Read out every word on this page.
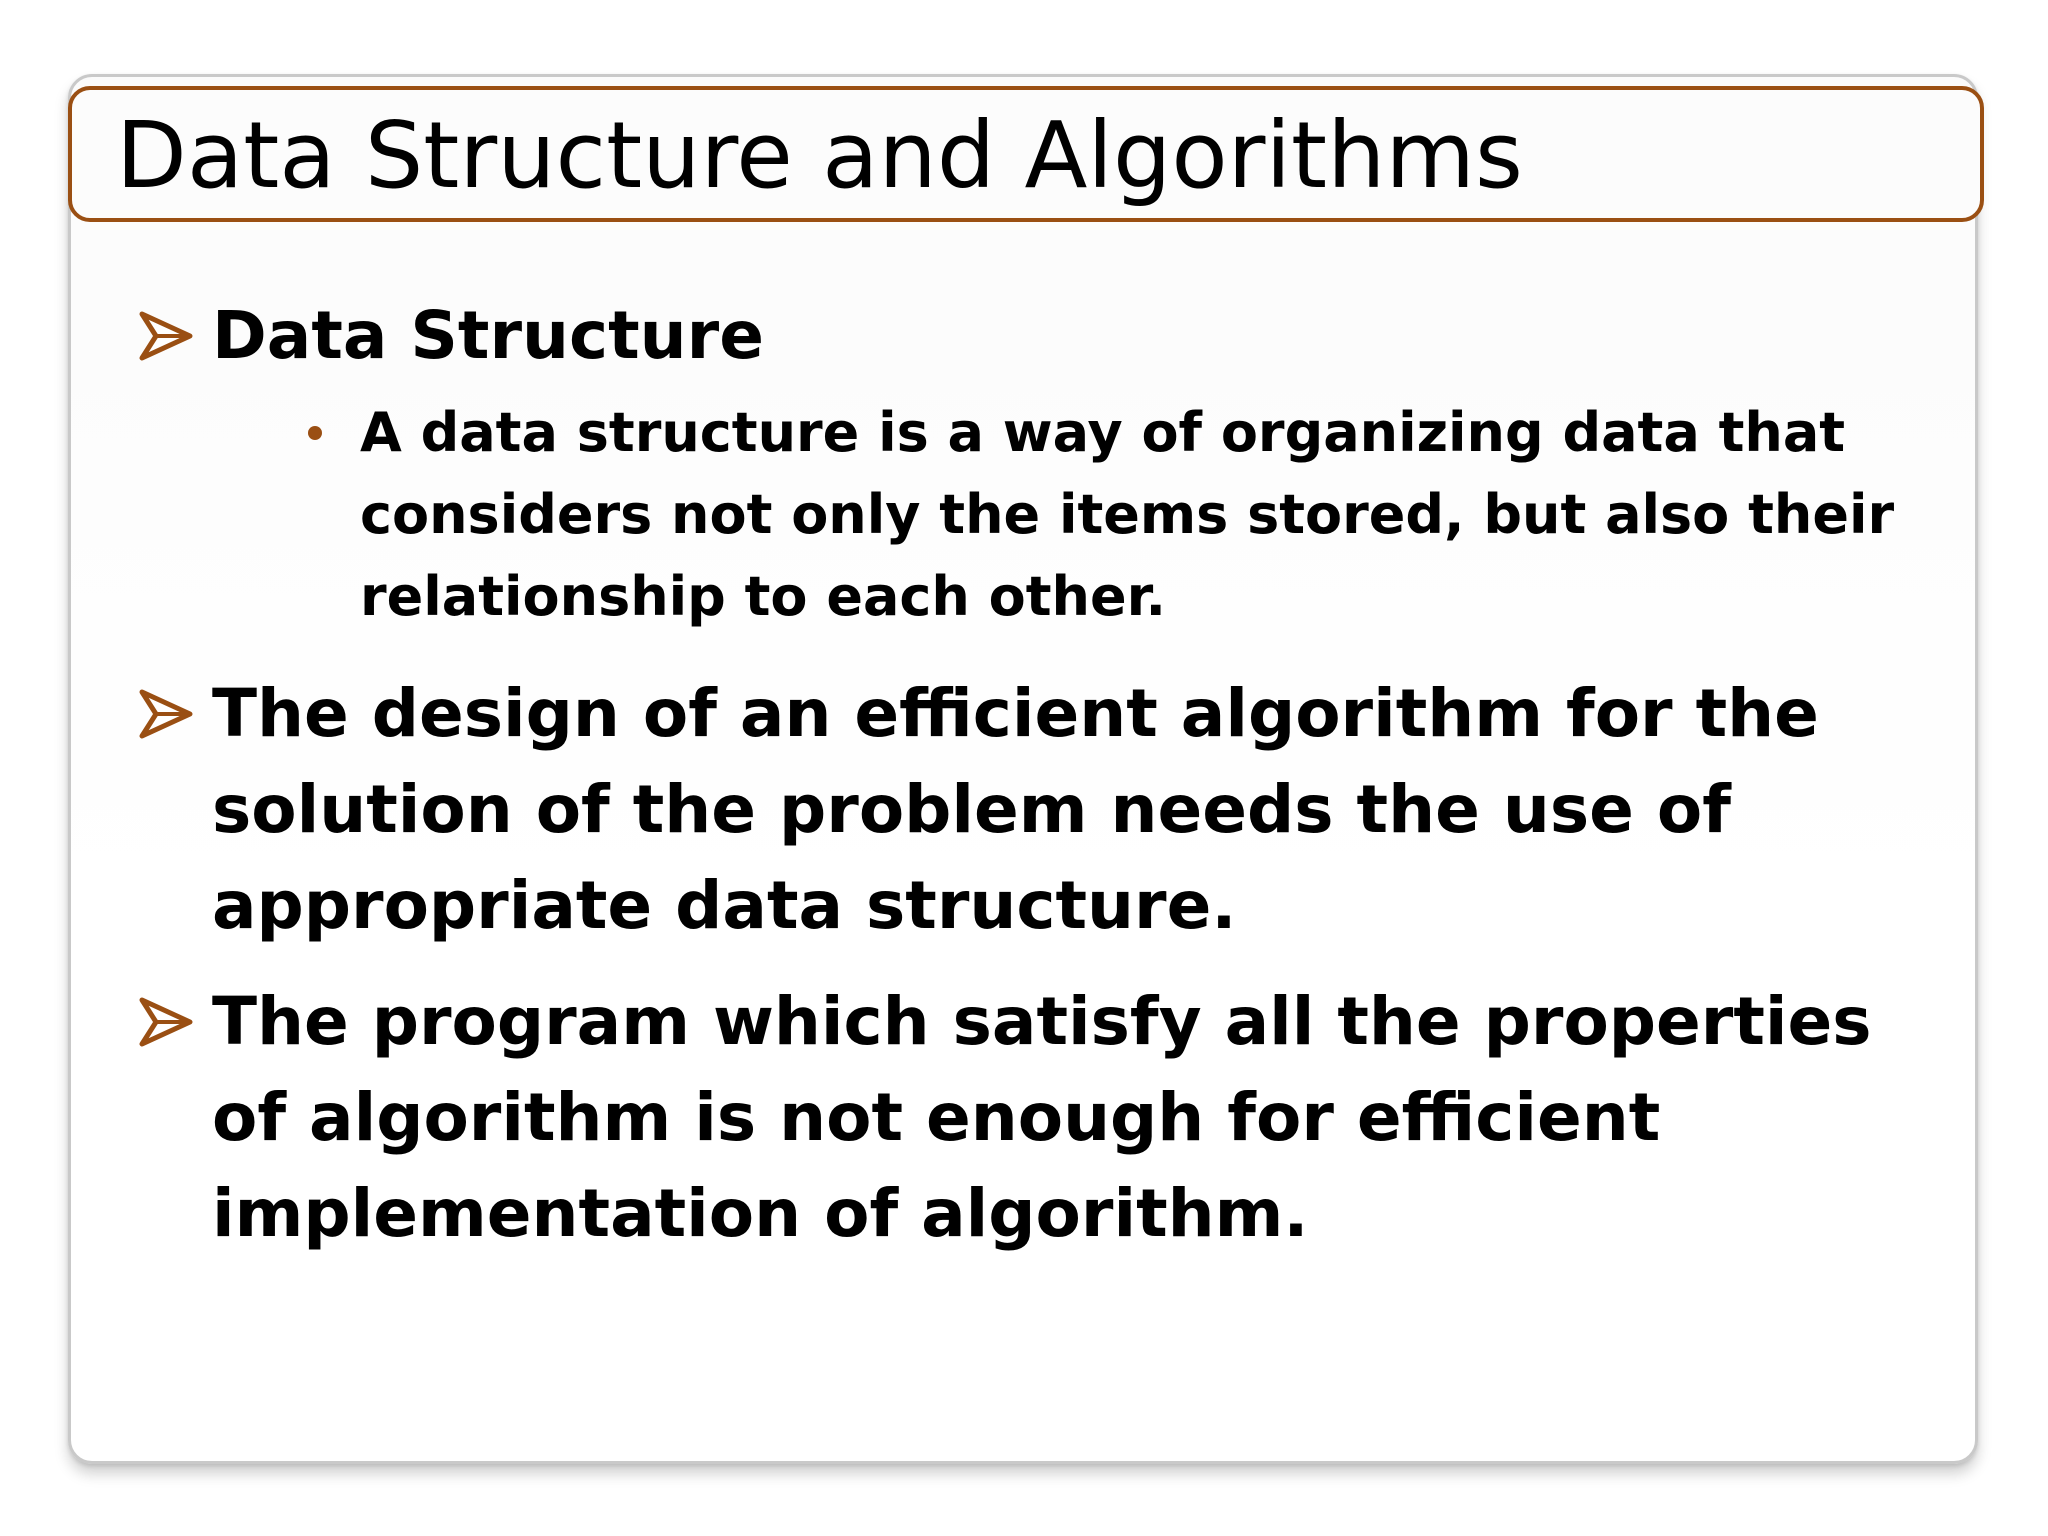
Data Structure and Algorithms
Data Structure
A data structure is a way of organizing data that considers not only the items stored, but also their relationship to each other.
The design of an efficient algorithm for the solution of the problem needs the use of appropriate data structure.
The program which satisfy all the properties of algorithm is not enough for efficient implementation of algorithm.
